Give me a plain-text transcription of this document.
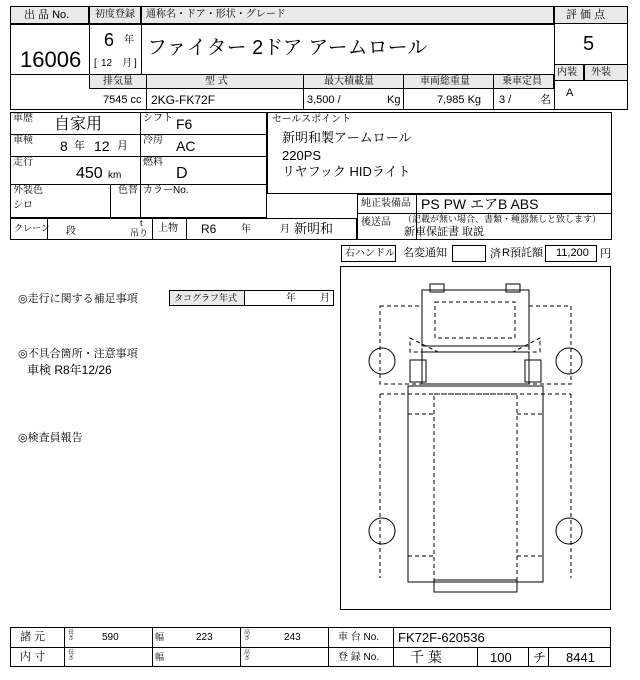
出 品 No.
16006
初度登録 通称名・ドア・形状・グレード
6 年
[ 12 月 ]
ファイター 2ドア アームロール
評 価 点
5
内装 外装
A
排気量	型 式	最大積載量	車両総重量	乗車定員
7545 cc 2KG-FK72F	3,500 /	Kg	7,985 Kg 3 /	名
車歴 自家用	シフト F6
車検 8 年 12 月 冷房 AC
走行
450 km
燃料
D
外装色
シロ
色替 カラーNo.
セールスポイント
新明和製アームロール
220PS
リヤフック HIDライト
純正装備品 PS PW エアB ABS
後送品 （記載が無い場合、書類・種器無しと致します）
新車保証書 取説
クレーン 段
t
吊り 上物 R6 年	月 新明和
右ハンドル 名変通知	済 R預託額 11,200 円
◎走行に関する補足事項	タコグラフ年式	年 月
◎不具合箇所・注意事項
車検 R8年12/26
◎検査員報告
諸 元	長さ	590	幅	223	高さ	243	車 台 No. FK72F-620536
内 寸	長さ	幅	高さ	登 録 No. 千 葉	100 チ 8441
